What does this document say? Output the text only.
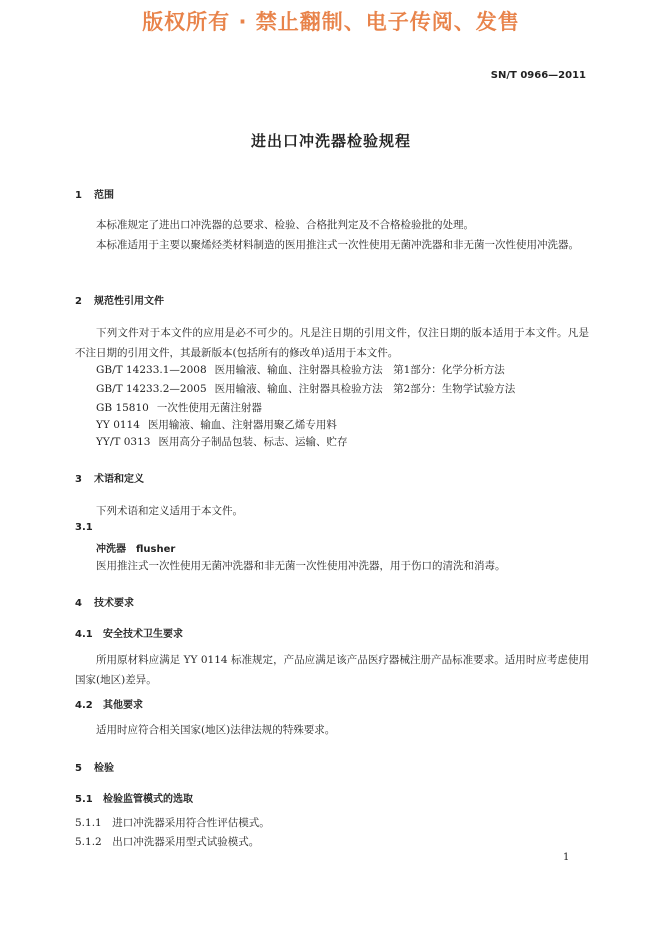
版权所有 · 禁止翻制、电子传阅、发售
SN/T 0966—2011
进出口冲洗器检验规程
1 范围
本标准规定了进出口冲洗器的总要求、检验、合格批判定及不合格检验批的处理。
本标准适用于主要以聚烯烃类材料制造的医用推注式一次性使用无菌冲洗器和非无菌一次性使用冲洗器。
2 规范性引用文件
下列文件对于本文件的应用是必不可少的。凡是注日期的引用文件，仅注日期的版本适用于本文件。凡是不注日期的引用文件，其最新版本(包括所有的修改单)适用于本文件。
GB/T 14233.1—2008 医用输液、输血、注射器具检验方法　第1部分：化学分析方法
GB/T 14233.2—2005 医用输液、输血、注射器具检验方法　第2部分：生物学试验方法
GB 15810 一次性使用无菌注射器
YY 0114 医用输液、输血、注射器用聚乙烯专用料
YY/T 0313 医用高分子制品包装、标志、运输、贮存
3 术语和定义
下列术语和定义适用于本文件。
3.1
冲洗器　flusher
医用推注式一次性使用无菌冲洗器和非无菌一次性使用冲洗器，用于伤口的清洗和消毒。
4 技术要求
4.1 安全技术卫生要求
所用原材料应满足 YY 0114 标准规定，产品应满足该产品医疗器械注册产品标准要求。适用时应考虑使用国家(地区)差异。
4.2 其他要求
适用时应符合相关国家(地区)法律法规的特殊要求。
5 检验
5.1 检验监管模式的选取
5.1.1　进口冲洗器采用符合性评估模式。
5.1.2　出口冲洗器采用型式试验模式。
1
